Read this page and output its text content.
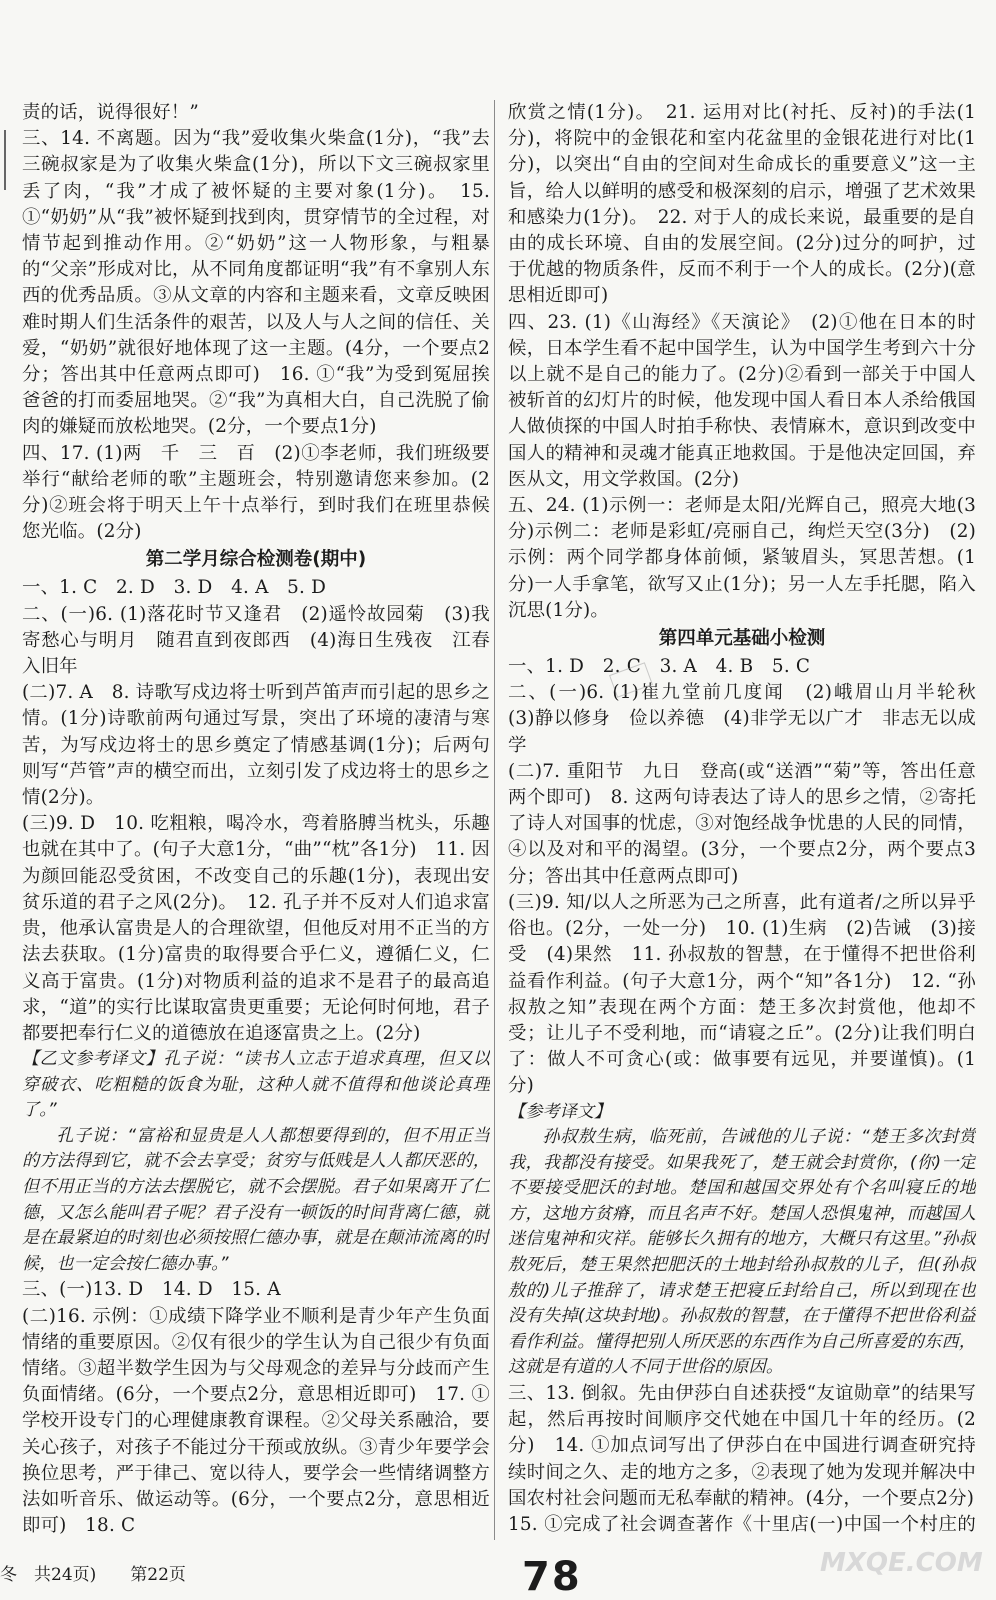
责的话，说得很好！”

三、14. 不离题。因为“我”爱收集火柴盒(1分)，“我”去三碗叔家是为了收集火柴盒(1分)，所以下文三碗叔家里丢了肉，“我”才成了被怀疑的主要对象(1分)。　15. ①“奶奶”从“我”被怀疑到找到肉，贯穿情节的全过程，对情节起到推动作用。②“奶奶”这一人物形象，与粗暴的“父亲”形成对比，从不同角度都证明“我”有不拿别人东西的优秀品质。③从文章的内容和主题来看，文章反映困难时期人们生活条件的艰苦，以及人与人之间的信任、关爱，“奶奶”就很好地体现了这一主题。(4分，一个要点2分；答出其中任意两点即可)　16. ①“我”为受到冤屈挨爸爸的打而委屈地哭。②“我”为真相大白，自己洗脱了偷肉的嫌疑而放松地哭。(2分，一个要点1分)

四、17. (1)两　千　三　百　(2)①李老师，我们班级要举行“献给老师的歌”主题班会，特别邀请您来参加。(2分)②班会将于明天上午十点举行，到时我们在班里恭候您光临。(2分)

第二学月综合检测卷(期中)

一、1. C　2. D　3. D　4. A　5. D

二、(一)6. (1)落花时节又逢君　(2)遥怜故园菊　(3)我寄愁心与明月　随君直到夜郎西　(4)海日生残夜　江春入旧年

(二)7. A　8. 诗歌写戍边将士听到芦笛声而引起的思乡之情。(1分)诗歌前两句通过写景，突出了环境的凄清与寒苦，为写戍边将士的思乡奠定了情感基调(1分)；后两句则写“芦管”声的横空而出，立刻引发了戍边将士的思乡之情(2分)。

(三)9. D　10. 吃粗粮，喝冷水，弯着胳膊当枕头，乐趣也就在其中了。(句子大意1分，“曲”“枕”各1分)　11. 因为颜回能忍受贫困，不改变自己的乐趣(1分)，表现出安贫乐道的君子之风(2分)。　12. 孔子并不反对人们追求富贵，他承认富贵是人的合理欲望，但他反对用不正当的方法去获取。(1分)富贵的取得要合乎仁义，遵循仁义，仁义高于富贵。(1分)对物质利益的追求不是君子的最高追求，“道”的实行比谋取富贵更重要；无论何时何地，君子都要把奉行仁义的道德放在追逐富贵之上。(2分)

【乙文参考译文】孔子说：“读书人立志于追求真理，但又以穿破衣、吃粗糙的饭食为耻，这种人就不值得和他谈论真理了。”

孔子说：“富裕和显贵是人人都想要得到的，但不用正当的方法得到它，就不会去享受；贫穷与低贱是人人都厌恶的，但不用正当的方法去摆脱它，就不会摆脱。君子如果离开了仁德，又怎么能叫君子呢？君子没有一顿饭的时间背离仁德，就是在最紧迫的时刻也必须按照仁德办事，就是在颠沛流离的时候，也一定会按仁德办事。”

三、(一)13. D　14. D　15. A

(二)16. 示例：①成绩下降学业不顺利是青少年产生负面情绪的重要原因。②仅有很少的学生认为自己很少有负面情绪。③超半数学生因为与父母观念的差异与分歧而产生负面情绪。(6分，一个要点2分，意思相近即可)　17. ①学校开设专门的心理健康教育课程。②父母关系融洽，要关心孩子，对孩子不能过分干预或放纵。③青少年要学会换位思考，严于律己、宽以待人，要学会一些情绪调整方法如听音乐、做运动等。(6分，一个要点2分，意思相近即可)　18. C

欣赏之情(1分)。　21. 运用对比(衬托、反衬)的手法(1分)，将院中的金银花和室内花盆里的金银花进行对比(1分)，以突出“自由的空间对生命成长的重要意义”这一主旨，给人以鲜明的感受和极深刻的启示，增强了艺术效果和感染力(1分)。　22. 对于人的成长来说，最重要的是自由的成长环境、自由的发展空间。(2分)过分的呵护，过于优越的物质条件，反而不利于一个人的成长。(2分)(意思相近即可)

四、23. (1)《山海经》《天演论》　(2)①他在日本的时候，日本学生看不起中国学生，认为中国学生考到六十分以上就不是自己的能力了。(2分)②看到一部关于中国人被斩首的幻灯片的时候，他发现中国人看日本人杀给俄国人做侦探的中国人时拍手称快、表情麻木，意识到改变中国人的精神和灵魂才能真正地救国。于是他决定回国，弃医从文，用文学救国。(2分)

五、24. (1)示例一：老师是太阳/光辉自己，照亮大地(3分)示例二：老师是彩虹/亮丽自己，绚烂天空(3分)　(2)示例：两个同学都身体前倾，紧皱眉头，冥思苦想。(1分)一人手拿笔，欲写又止(1分)；另一人左手托腮，陷入沉思(1分)。

第四单元基础小检测

一、1. D　2. C　3. A　4. B　5. C

二、(一)6. (1)崔九堂前几度闻　(2)峨眉山月半轮秋　(3)静以修身　俭以养德　(4)非学无以广才　非志无以成学

(二)7. 重阳节　九日　登高(或“送酒”“菊”等，答出任意两个即可)　8. 这两句诗表达了诗人的思乡之情，②寄托了诗人对国事的忧虑，③对饱经战争忧患的人民的同情，④以及对和平的渴望。(3分，一个要点2分，两个要点3分；答出其中任意两点即可)

(三)9. 知/以人之所恶为己之所喜，此有道者/之所以异乎俗也。(2分，一处一分)　10. (1)生病　(2)告诫　(3)接受　(4)果然　11. 孙叔敖的智慧，在于懂得不把世俗利益看作利益。(句子大意1分，两个“知”各1分)　12. “孙叔敖之知”表现在两个方面：楚王多次封赏他，他却不受；让儿子不受利地，而“请寝之丘”。(2分)让我们明白了：做人不可贪心(或：做事要有远见，并要谨慎)。(1分)

【参考译文】

孙叔敖生病，临死前，告诫他的儿子说：“楚王多次封赏我，我都没有接受。如果我死了，楚王就会封赏你，(你)一定不要接受肥沃的封地。楚国和越国交界处有个名叫寝丘的地方，这地方贫瘠，而且名声不好。楚国人恐惧鬼神，而越国人迷信鬼神和灾祥。能够长久拥有的地方，大概只有这里。”孙叔敖死后，楚王果然把肥沃的土地封给孙叔敖的儿子，但(孙叔敖的)儿子推辞了，请求楚王把寝丘封给自己，所以到现在也没有失掉(这块封地)。孙叔敖的智慧，在于懂得不把世俗利益看作利益。懂得把别人所厌恶的东西作为自己所喜爱的东西，这就是有道的人不同于世俗的原因。

三、13. 倒叙。先由伊莎白自述获授“友谊勋章”的结果写起，然后再按时间顺序交代她在中国几十年的经历。(2分)　14. ①加点词写出了伊莎白在中国进行调查研究持续时间之久、走的地方之多，②表现了她为发现并解决中国农村社会问题而无私奉献的精神。(4分，一个要点2分)

15. ①完成了社会调查著作《十里店(一)中国一个村庄的

冬　共24页)　　第22页	78	MXQE.COM
